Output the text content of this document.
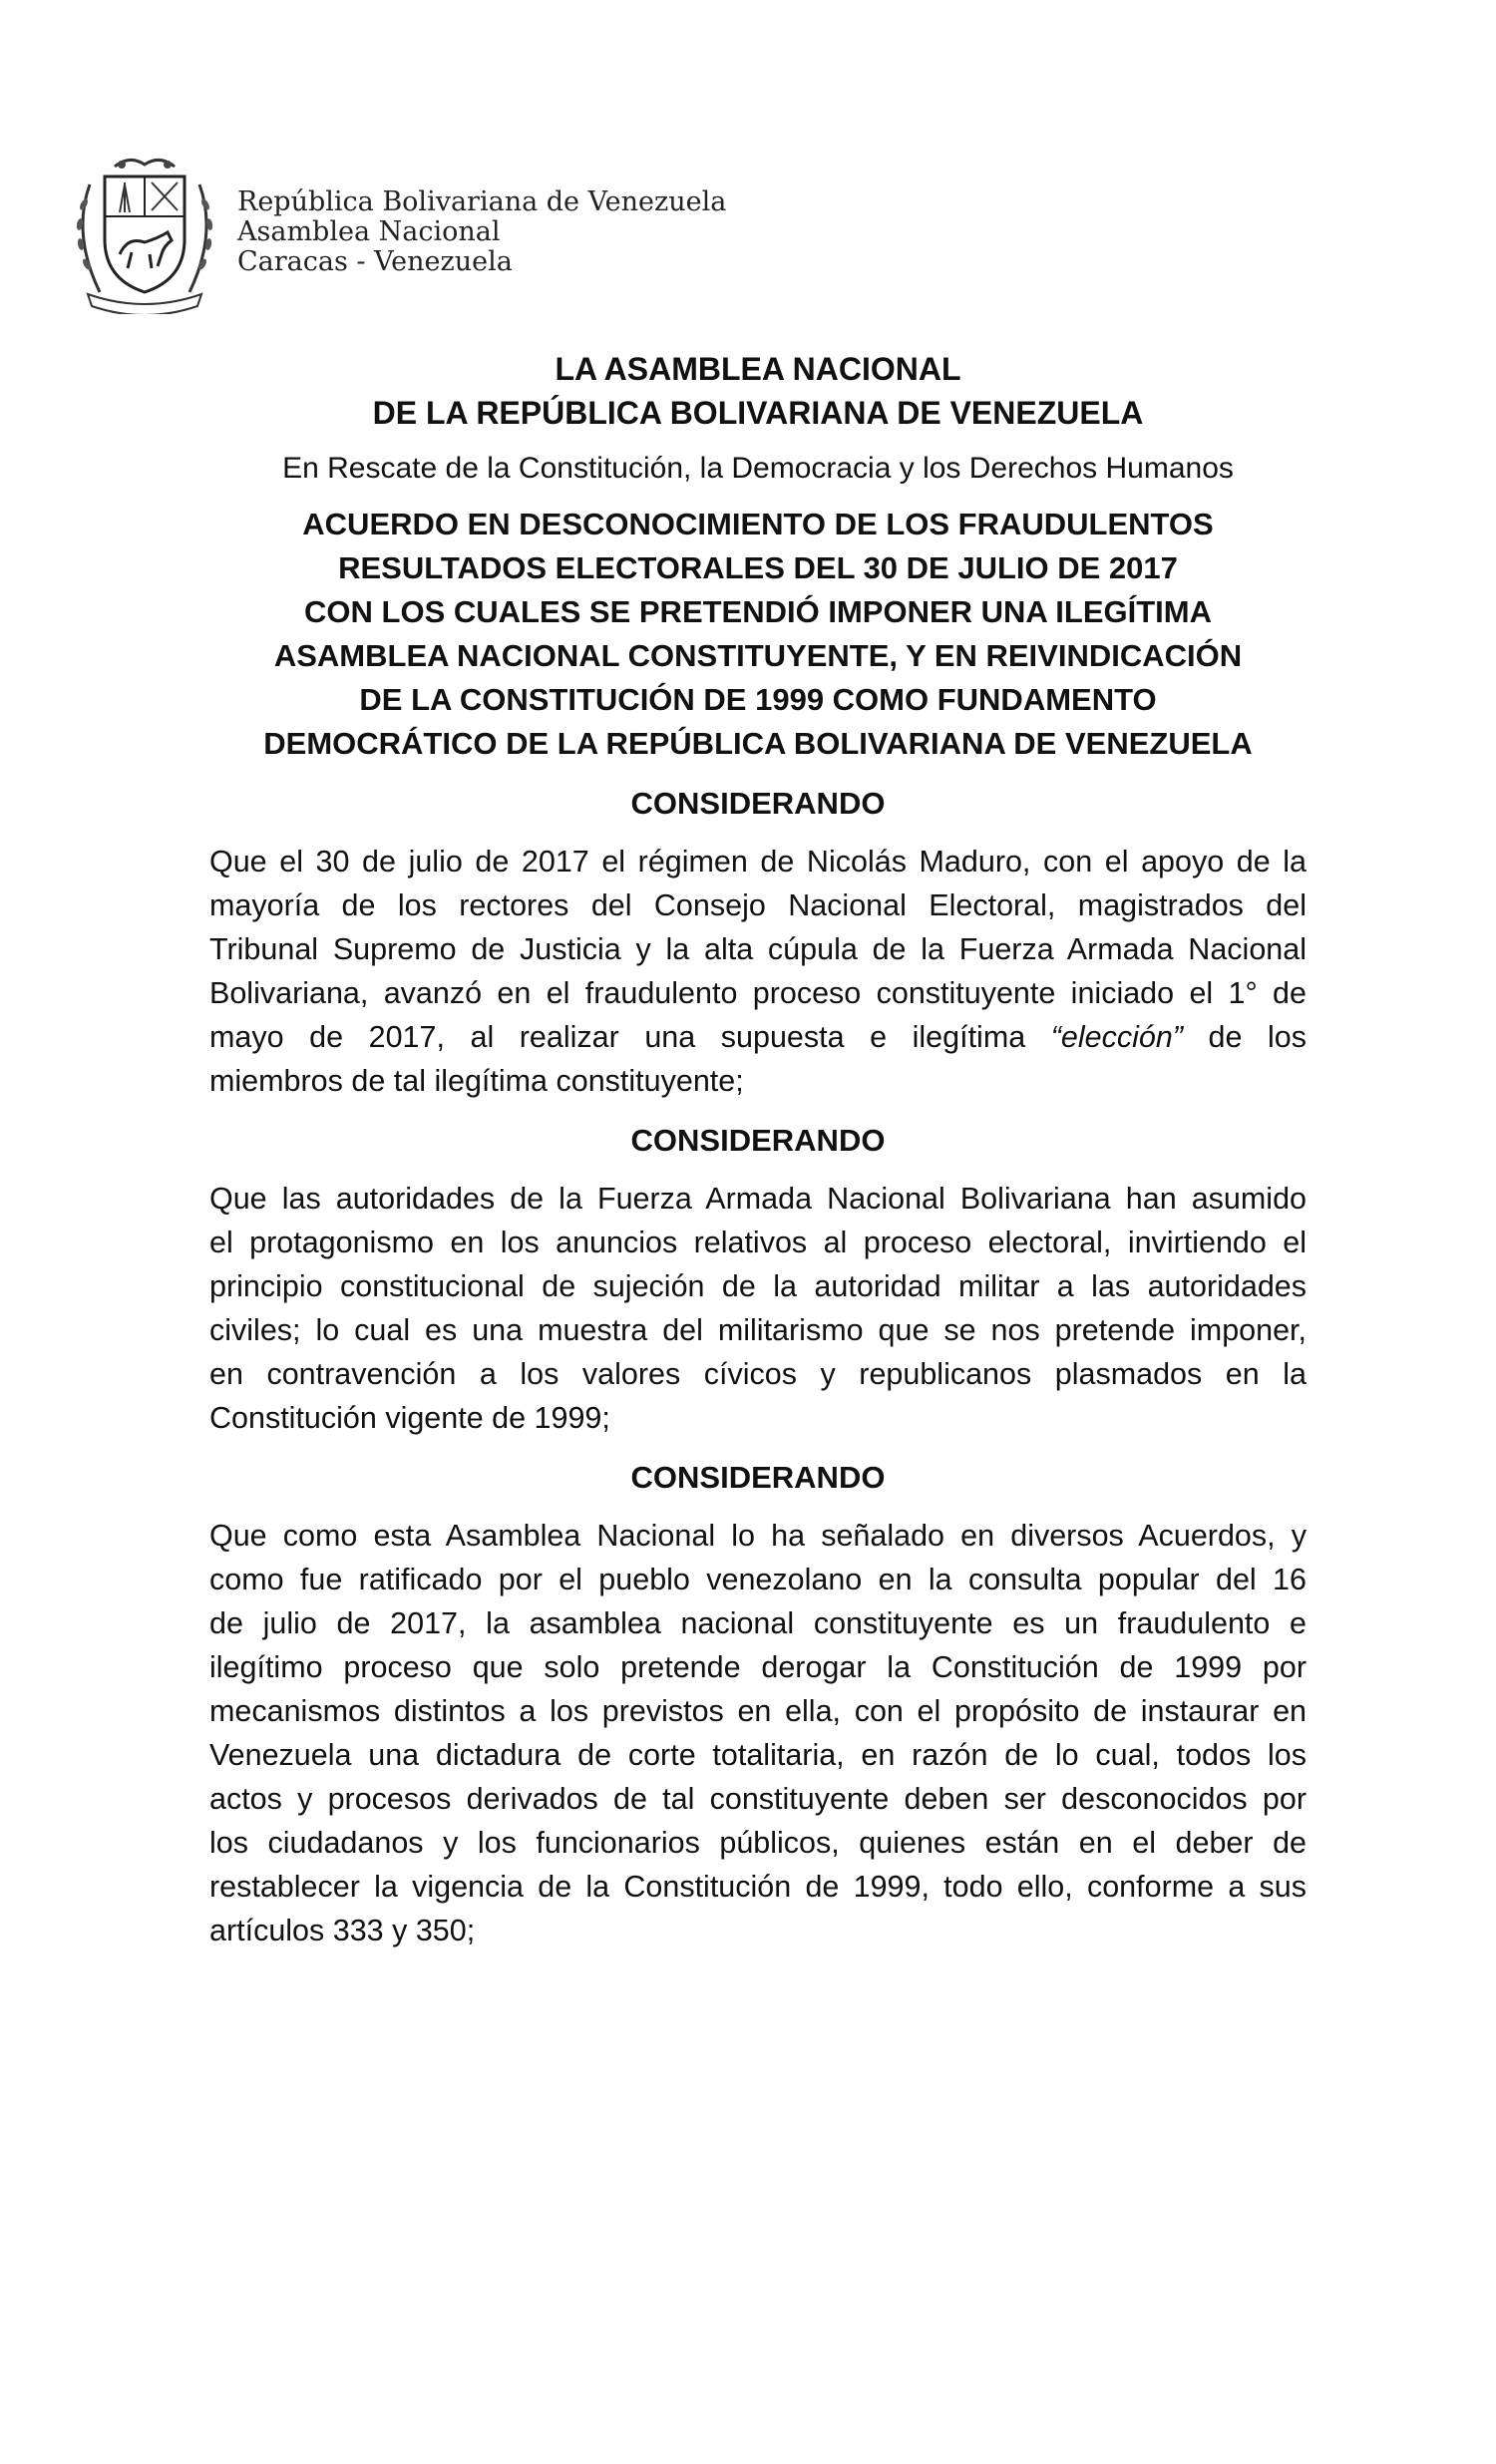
República Bolivariana de Venezuela
Asamblea Nacional
Caracas - Venezuela
LA ASAMBLEA NACIONAL
DE LA REPÚBLICA BOLIVARIANA DE VENEZUELA
En Rescate de la Constitución, la Democracia y los Derechos Humanos
ACUERDO EN DESCONOCIMIENTO DE LOS FRAUDULENTOS
RESULTADOS ELECTORALES DEL 30 DE JULIO DE 2017
CON LOS CUALES SE PRETENDIÓ IMPONER UNA ILEGÍTIMA
ASAMBLEA NACIONAL CONSTITUYENTE, Y EN REIVINDICACIÓN
DE LA CONSTITUCIÓN DE 1999 COMO FUNDAMENTO
DEMOCRÁTICO DE LA REPÚBLICA BOLIVARIANA DE VENEZUELA
CONSIDERANDO
Que el 30 de julio de 2017 el régimen de Nicolás Maduro, con el apoyo de la
mayoría de los rectores del Consejo Nacional Electoral, magistrados del
Tribunal Supremo de Justicia y la alta cúpula de la Fuerza Armada Nacional
Bolivariana, avanzó en el fraudulento proceso constituyente iniciado el 1° de
mayo de 2017, al realizar una supuesta e ilegítima “elección” de los
miembros de tal ilegítima constituyente;
CONSIDERANDO
Que las autoridades de la Fuerza Armada Nacional Bolivariana han asumido
el protagonismo en los anuncios relativos al proceso electoral, invirtiendo el
principio constitucional de sujeción de la autoridad militar a las autoridades
civiles; lo cual es una muestra del militarismo que se nos pretende imponer,
en contravención a los valores cívicos y republicanos plasmados en la
Constitución vigente de 1999;
CONSIDERANDO
Que como esta Asamblea Nacional lo ha señalado en diversos Acuerdos, y
como fue ratificado por el pueblo venezolano en la consulta popular del 16
de julio de 2017, la asamblea nacional constituyente es un fraudulento e
ilegítimo proceso que solo pretende derogar la Constitución de 1999 por
mecanismos distintos a los previstos en ella, con el propósito de instaurar en
Venezuela una dictadura de corte totalitaria, en razón de lo cual, todos los
actos y procesos derivados de tal constituyente deben ser desconocidos por
los ciudadanos y los funcionarios públicos, quienes están en el deber de
restablecer la vigencia de la Constitución de 1999, todo ello, conforme a sus
artículos 333 y 350;
